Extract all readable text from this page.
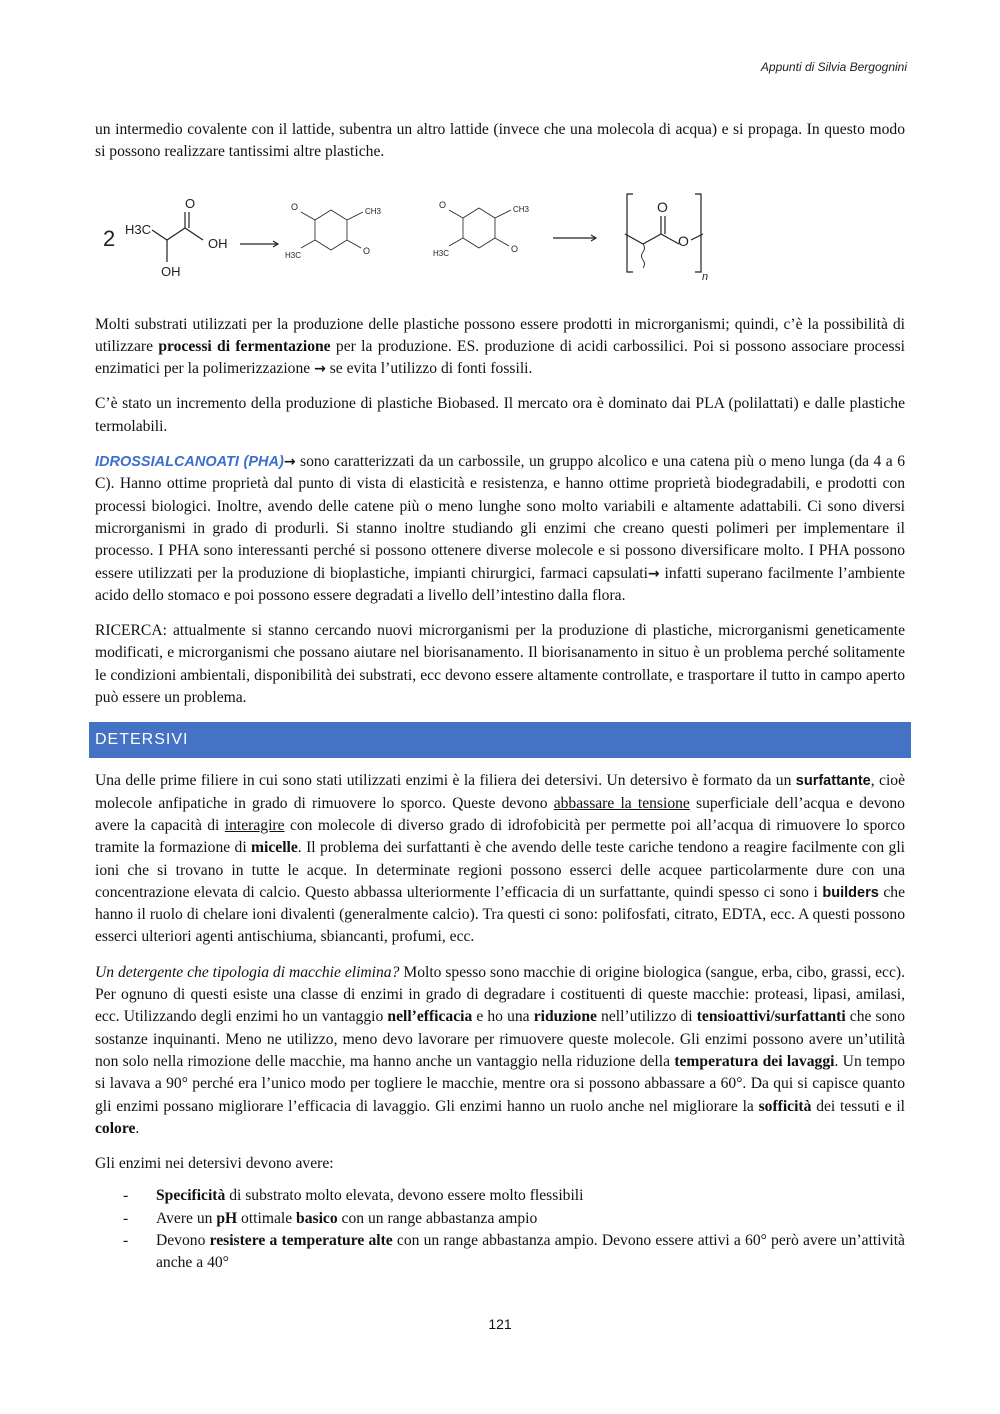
Appunti di Silvia Bergognini

un intermedio covalente con il lattide, subentra un altro lattide (invece che una molecola di acqua) e si propaga. In questo modo si possono realizzare tantissimi altre plastiche.

2 H3C
O
OH
OH
O	CH3
H3C	O
O	CH3
H3C	O
O
O
n

Molti substrati utilizzati per la produzione delle plastiche possono essere prodotti in microrganismi; quindi, c’è la possibilità di utilizzare processi di fermentazione per la produzione. ES. produzione di acidi carbossilici. Poi si possono associare processi enzimatici per la polimerizzazione → se evita l’utilizzo di fonti fossili.

C’è stato un incremento della produzione di plastiche Biobased. Il mercato ora è dominato dai PLA (polilattati) e dalle plastiche termolabili.

IDROSSIALCANOATI (PHA)→ sono caratterizzati da un carbossile, un gruppo alcolico e una catena più o meno lunga (da 4 a 6 C). Hanno ottime proprietà dal punto di vista di elasticità e resistenza, e hanno ottime proprietà biodegradabili, e prodotti con processi biologici. Inoltre, avendo delle catene più o meno lunghe sono molto variabili e altamente adattabili. Ci sono diversi microrganismi in grado di produrli. Si stanno inoltre studiando gli enzimi che creano questi polimeri per implementare il processo. I PHA sono interessanti perché si possono ottenere diverse molecole e si possono diversificare molto. I PHA possono essere utilizzati per la produzione di bioplastiche, impianti chirurgici, farmaci capsulati→ infatti superano facilmente l’ambiente acido dello stomaco e poi possono essere degradati a livello dell’intestino dalla flora.

RICERCA: attualmente si stanno cercando nuovi microrganismi per la produzione di plastiche, microrganismi geneticamente modificati, e microrganismi che possano aiutare nel biorisanamento. Il biorisanamento in situo è un problema perché solitamente le condizioni ambientali, disponibilità dei substrati, ecc devono essere altamente controllate, e trasportare il tutto in campo aperto può essere un problema.

DETERSIVI

Una delle prime filiere in cui sono stati utilizzati enzimi è la filiera dei detersivi. Un detersivo è formato da un surfattante, cioè molecole anfipatiche in grado di rimuovere lo sporco. Queste devono abbassare la tensione superficiale dell’acqua e devono avere la capacità di interagire con molecole di diverso grado di idrofobicità per permette poi all’acqua di rimuovere lo sporco tramite la formazione di micelle. Il problema dei surfattanti è che avendo delle teste cariche tendono a reagire facilmente con gli ioni che si trovano in tutte le acque. In determinate regioni possono esserci delle acquee particolarmente dure con una concentrazione elevata di calcio. Questo abbassa ulteriormente l’efficacia di un surfattante, quindi spesso ci sono i builders che hanno il ruolo di chelare ioni divalenti (generalmente calcio). Tra questi ci sono: polifosfati, citrato, EDTA, ecc. A questi possono esserci ulteriori agenti antischiuma, sbiancanti, profumi, ecc.

Un detergente che tipologia di macchie elimina? Molto spesso sono macchie di origine biologica (sangue, erba, cibo, grassi, ecc). Per ognuno di questi esiste una classe di enzimi in grado di degradare i costituenti di queste macchie: proteasi, lipasi, amilasi, ecc. Utilizzando degli enzimi ho un vantaggio nell’efficacia e ho una riduzione nell’utilizzo di tensioattivi/surfattanti che sono sostanze inquinanti. Meno ne utilizzo, meno devo lavorare per rimuovere queste molecole. Gli enzimi possono avere un’utilità non solo nella rimozione delle macchie, ma hanno anche un vantaggio nella riduzione della temperatura dei lavaggi. Un tempo si lavava a 90° perché era l’unico modo per togliere le macchie, mentre ora si possono abbassare a 60°. Da qui si capisce quanto gli enzimi possano migliorare l’efficacia di lavaggio. Gli enzimi hanno un ruolo anche nel migliorare la sofficità dei tessuti e il colore.

Gli enzimi nei detersivi devono avere:

- Specificità di substrato molto elevata, devono essere molto flessibili
- Avere un pH ottimale basico con un range abbastanza ampio
- Devono resistere a temperature alte con un range abbastanza ampio. Devono essere attivi a 60° però avere un’attività anche a 40°
121
